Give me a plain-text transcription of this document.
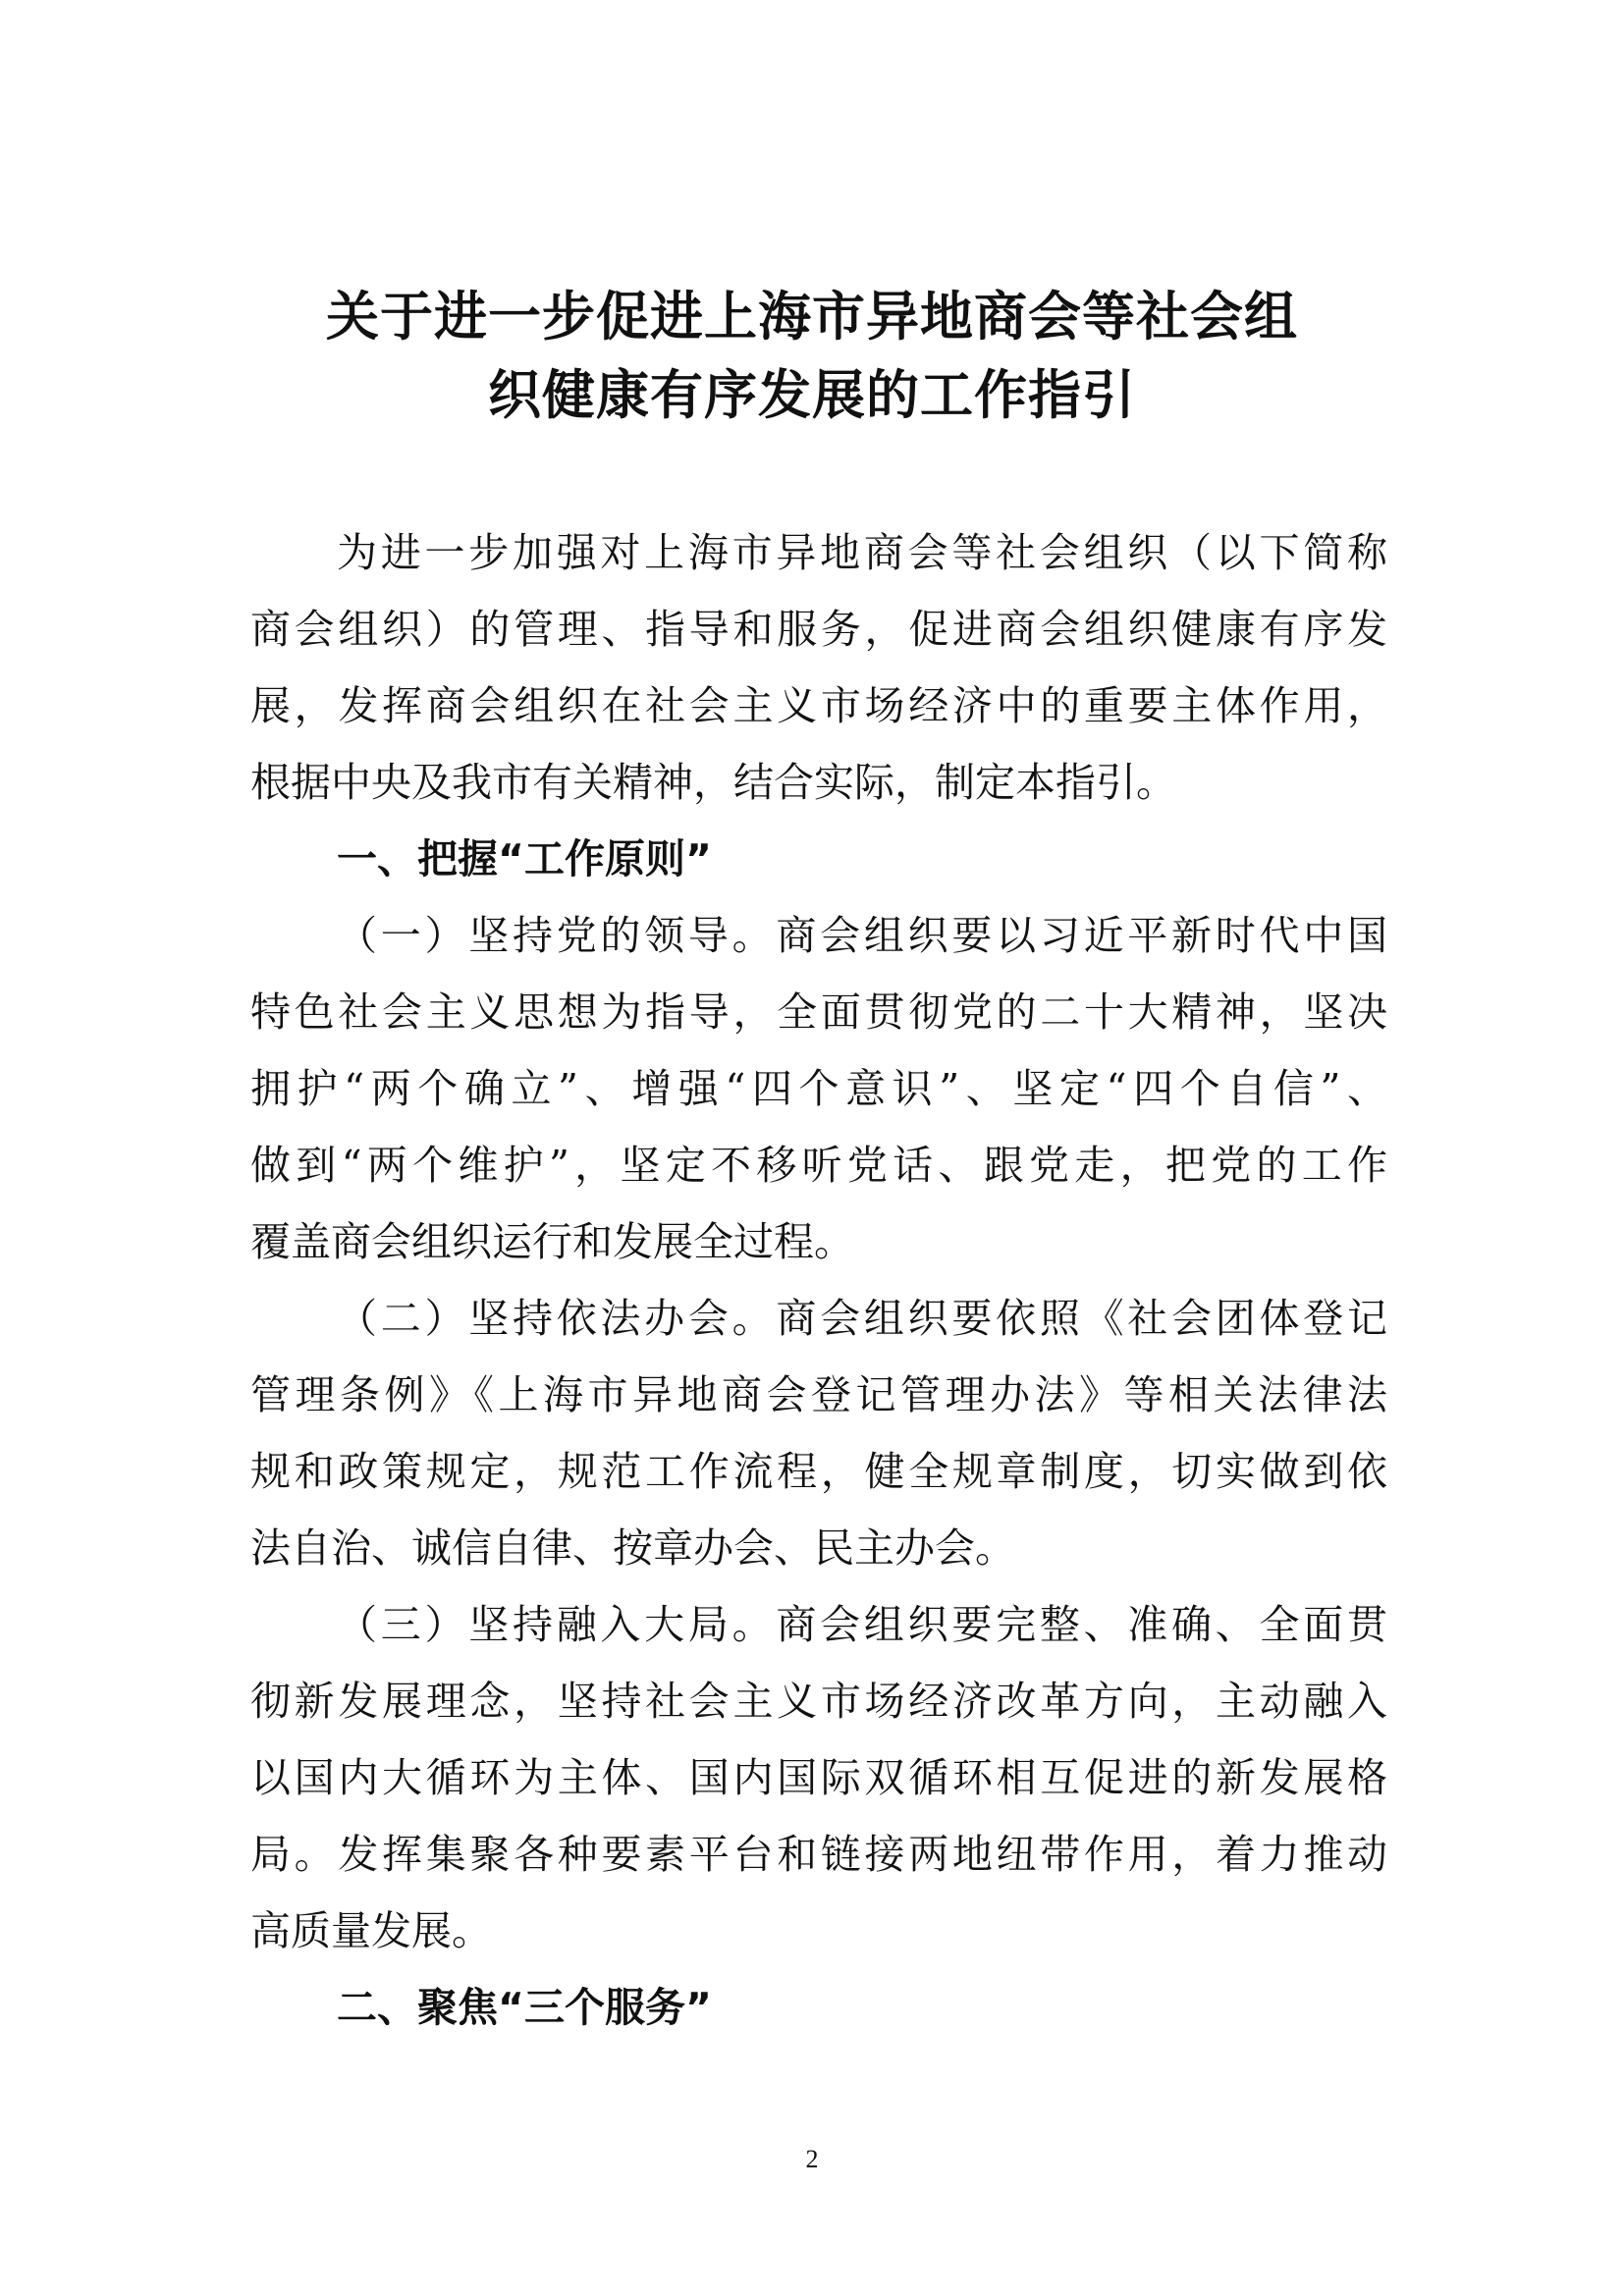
关于进一步促进上海市异地商会等社会组
织健康有序发展的工作指引
为进一步加强对上海市异地商会等社会组织（以下简称
商会组织）的管理、指导和服务，促进商会组织健康有序发
展，发挥商会组织在社会主义市场经济中的重要主体作用，
根据中央及我市有关精神，结合实际，制定本指引。
一、把握“工作原则”
（一）坚持党的领导。商会组织要以习近平新时代中国
特色社会主义思想为指导，全面贯彻党的二十大精神，坚决
拥护“两个确立”、增强“四个意识”、坚定“四个自信”、
做到“两个维护”，坚定不移听党话、跟党走，把党的工作
覆盖商会组织运行和发展全过程。
（二）坚持依法办会。商会组织要依照《社会团体登记
管理条例》《上海市异地商会登记管理办法》等相关法律法
规和政策规定，规范工作流程，健全规章制度，切实做到依
法自治、诚信自律、按章办会、民主办会。
（三）坚持融入大局。商会组织要完整、准确、全面贯
彻新发展理念，坚持社会主义市场经济改革方向，主动融入
以国内大循环为主体、国内国际双循环相互促进的新发展格
局。发挥集聚各种要素平台和链接两地纽带作用，着力推动
高质量发展。
二、聚焦“三个服务”
2
